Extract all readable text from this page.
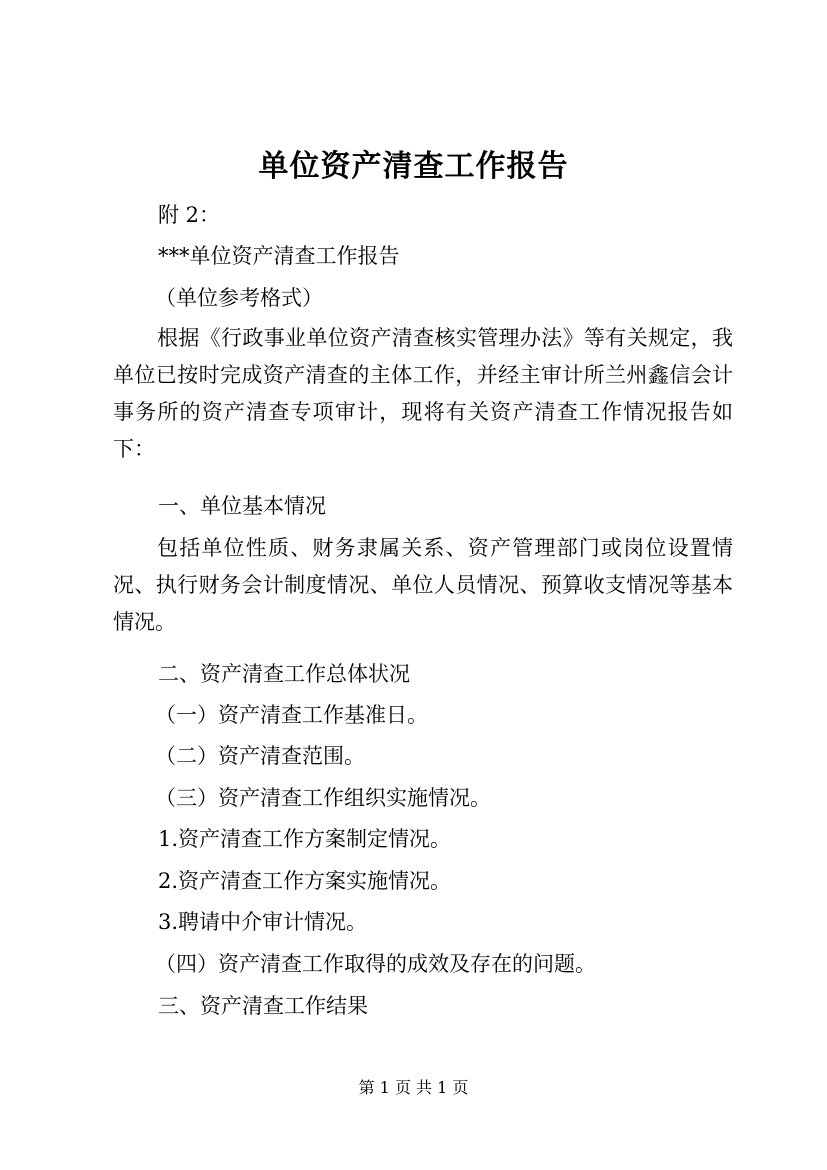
单位资产清查工作报告
附 2：
***单位资产清查工作报告
（单位参考格式）
根据《行政事业单位资产清查核实管理办法》等有关规定，我单位已按时完成资产清查的主体工作，并经主审计所兰州鑫信会计事务所的资产清查专项审计，现将有关资产清查工作情况报告如下：
一、单位基本情况
包括单位性质、财务隶属关系、资产管理部门或岗位设置情况、执行财务会计制度情况、单位人员情况、预算收支情况等基本情况。
二、资产清查工作总体状况
（一）资产清查工作基准日。
（二）资产清查范围。
（三）资产清查工作组织实施情况。
1.资产清查工作方案制定情况。
2.资产清查工作方案实施情况。
3.聘请中介审计情况。
（四）资产清查工作取得的成效及存在的问题。
三、资产清查工作结果
第 1 页 共 1 页
